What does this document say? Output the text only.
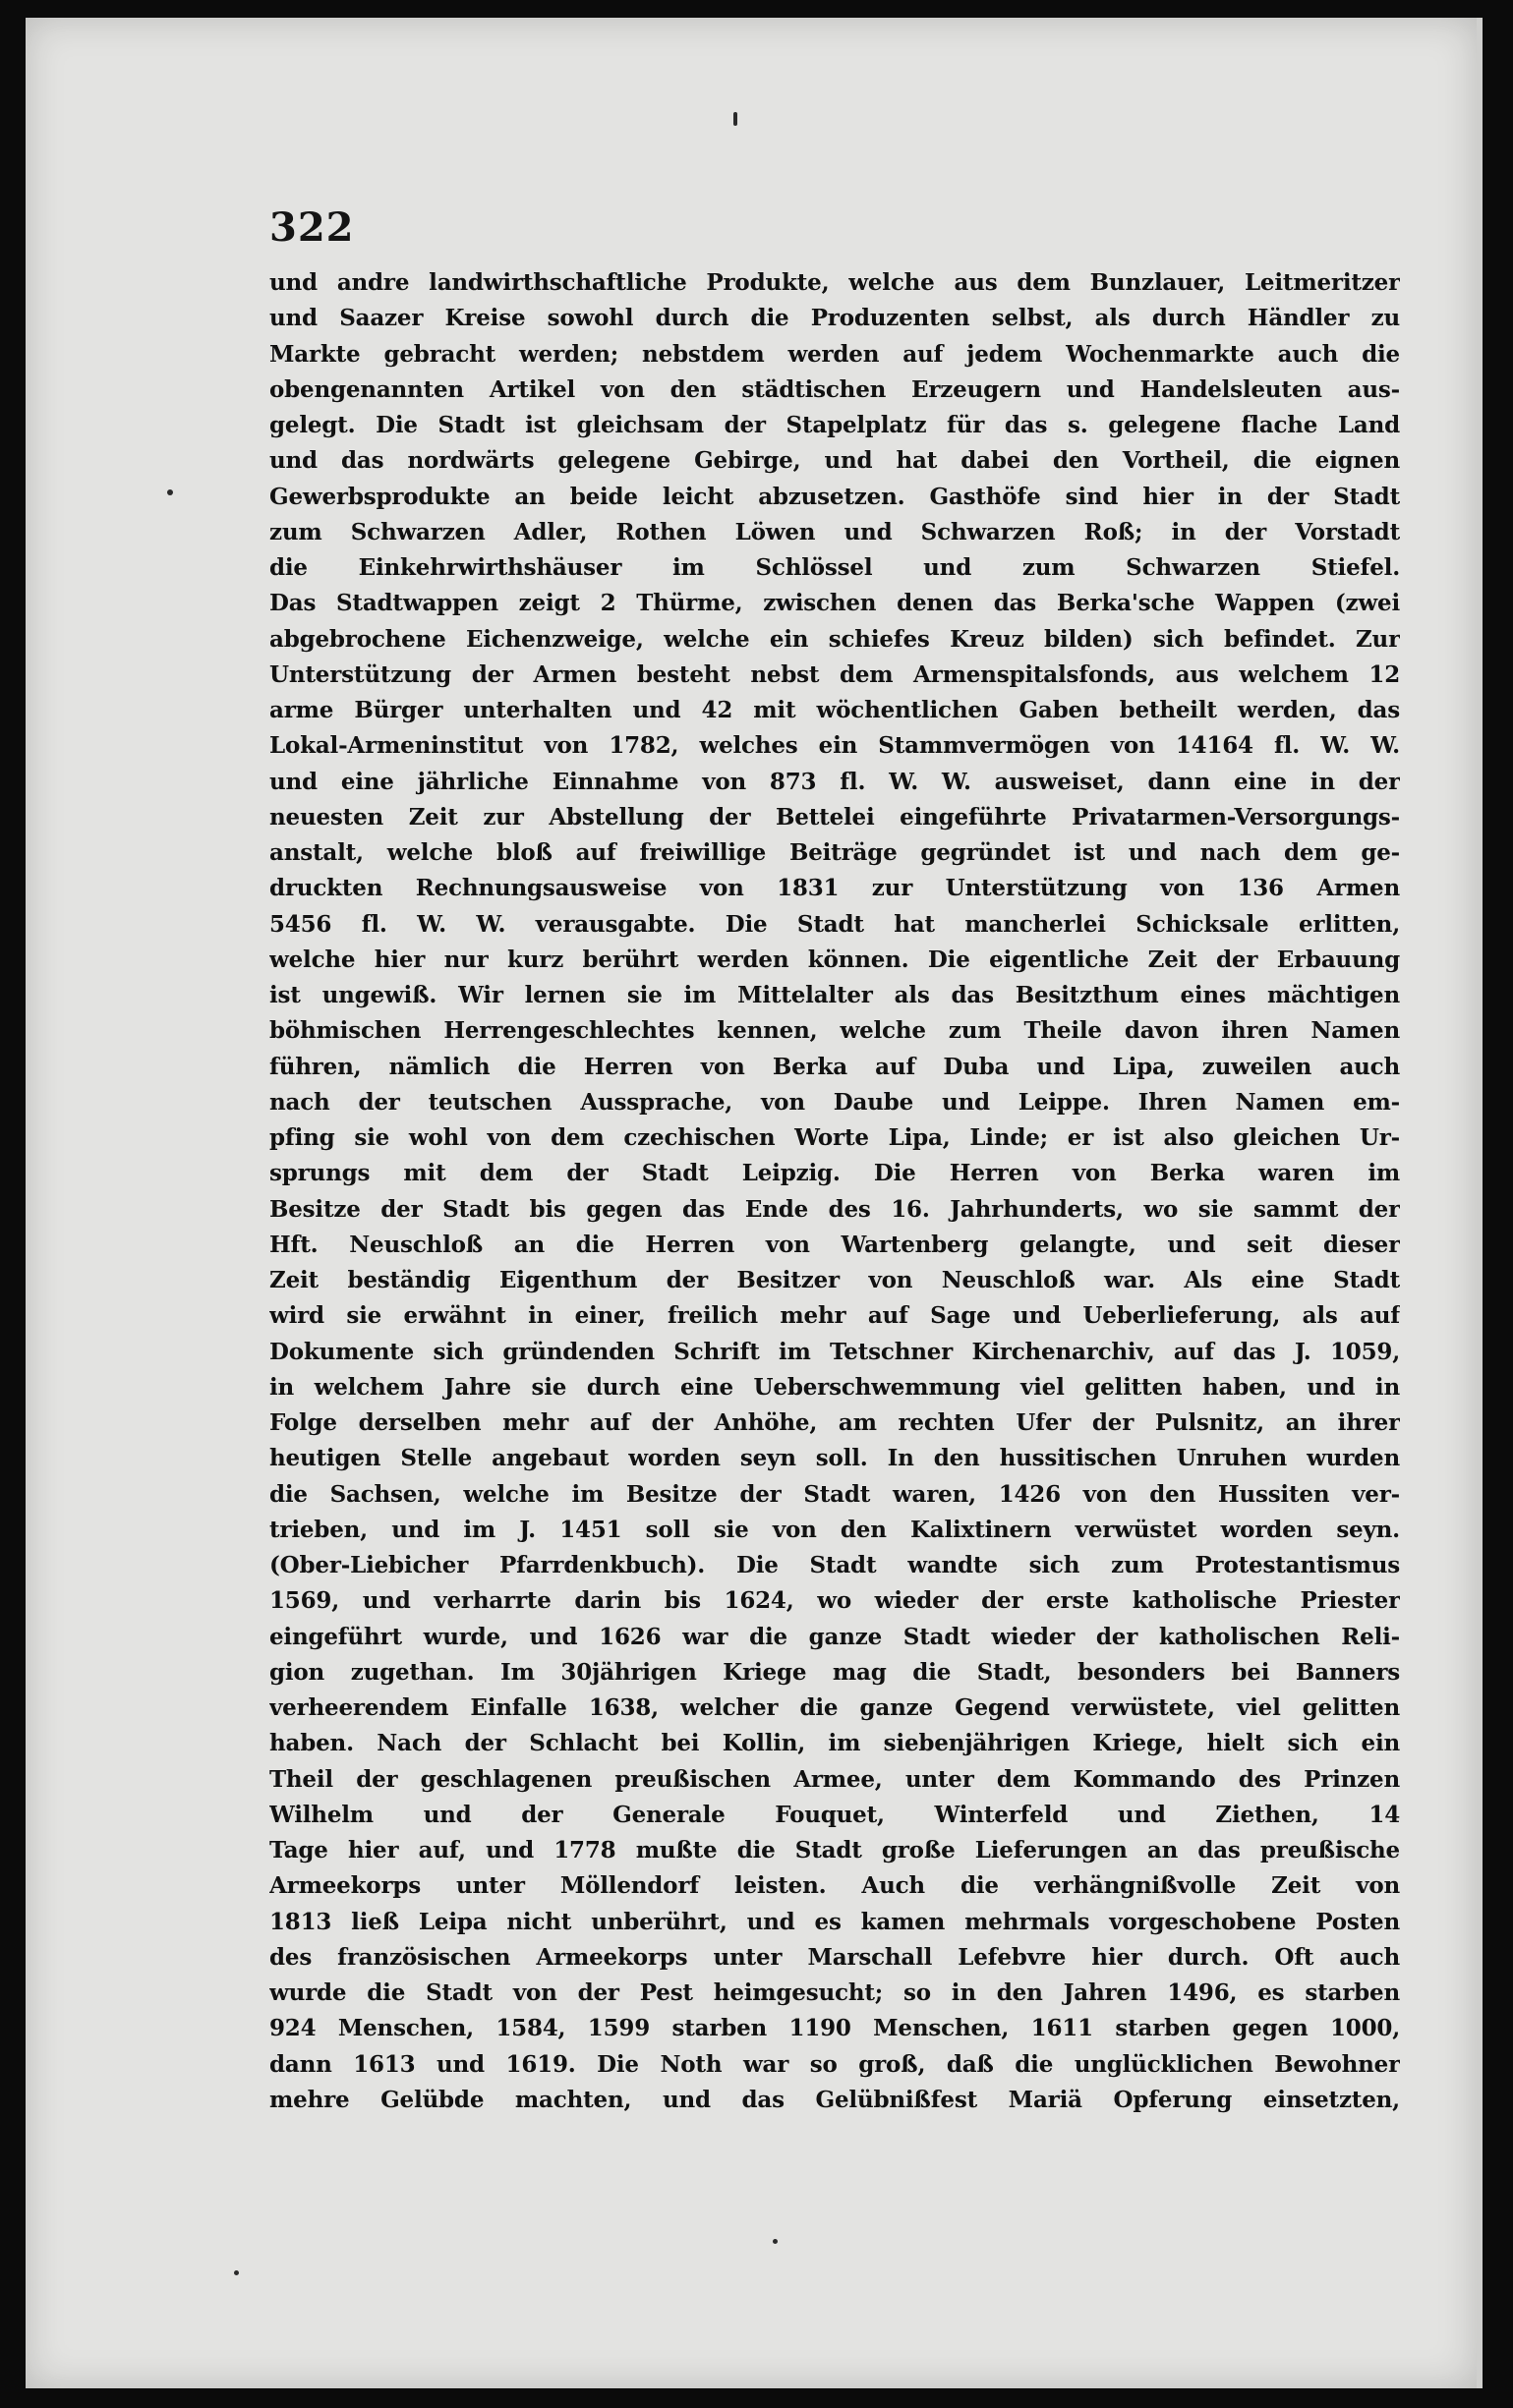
322
und andre landwirthschaftliche Produkte, welche aus dem Bunzlauer, Leitmeritzer
und Saazer Kreise sowohl durch die Produzenten selbst, als durch Händler zu
Markte gebracht werden; nebstdem werden auf jedem Wochenmarkte auch die
obengenannten Artikel von den städtischen Erzeugern und Handelsleuten aus-
gelegt. Die Stadt ist gleichsam der Stapelplatz für das s. gelegene flache Land
und das nordwärts gelegene Gebirge, und hat dabei den Vortheil, die eignen
Gewerbsprodukte an beide leicht abzusetzen. Gasthöfe sind hier in der Stadt
zum Schwarzen Adler, Rothen Löwen und Schwarzen Roß; in der Vorstadt
die Einkehrwirthshäuser im Schlössel und zum Schwarzen Stiefel.
Das Stadtwappen zeigt 2 Thürme, zwischen denen das Berka'sche Wappen (zwei
abgebrochene Eichenzweige, welche ein schiefes Kreuz bilden) sich befindet. Zur
Unterstützung der Armen besteht nebst dem Armenspitalsfonds, aus welchem 12
arme Bürger unterhalten und 42 mit wöchentlichen Gaben betheilt werden, das
Lokal-Armeninstitut von 1782, welches ein Stammvermögen von 14164 fl. W. W.
und eine jährliche Einnahme von 873 fl. W. W. ausweiset, dann eine in der
neuesten Zeit zur Abstellung der Bettelei eingeführte Privatarmen-Versorgungs-
anstalt, welche bloß auf freiwillige Beiträge gegründet ist und nach dem ge-
druckten Rechnungsausweise von 1831 zur Unterstützung von 136 Armen
5456 fl. W. W. verausgabte. Die Stadt hat mancherlei Schicksale erlitten,
welche hier nur kurz berührt werden können. Die eigentliche Zeit der Erbauung
ist ungewiß. Wir lernen sie im Mittelalter als das Besitzthum eines mächtigen
böhmischen Herrengeschlechtes kennen, welche zum Theile davon ihren Namen
führen, nämlich die Herren von Berka auf Duba und Lipa, zuweilen auch
nach der teutschen Aussprache, von Daube und Leippe. Ihren Namen em-
pfing sie wohl von dem czechischen Worte Lipa, Linde; er ist also gleichen Ur-
sprungs mit dem der Stadt Leipzig. Die Herren von Berka waren im
Besitze der Stadt bis gegen das Ende des 16. Jahrhunderts, wo sie sammt der
Hft. Neuschloß an die Herren von Wartenberg gelangte, und seit dieser
Zeit beständig Eigenthum der Besitzer von Neuschloß war. Als eine Stadt
wird sie erwähnt in einer, freilich mehr auf Sage und Ueberlieferung, als auf
Dokumente sich gründenden Schrift im Tetschner Kirchenarchiv, auf das J. 1059,
in welchem Jahre sie durch eine Ueberschwemmung viel gelitten haben, und in
Folge derselben mehr auf der Anhöhe, am rechten Ufer der Pulsnitz, an ihrer
heutigen Stelle angebaut worden seyn soll. In den hussitischen Unruhen wurden
die Sachsen, welche im Besitze der Stadt waren, 1426 von den Hussiten ver-
trieben, und im J. 1451 soll sie von den Kalixtinern verwüstet worden seyn.
(Ober-Liebicher Pfarrdenkbuch). Die Stadt wandte sich zum Protestantismus
1569, und verharrte darin bis 1624, wo wieder der erste katholische Priester
eingeführt wurde, und 1626 war die ganze Stadt wieder der katholischen Reli-
gion zugethan. Im 30jährigen Kriege mag die Stadt, besonders bei Banners
verheerendem Einfalle 1638, welcher die ganze Gegend verwüstete, viel gelitten
haben. Nach der Schlacht bei Kollin, im siebenjährigen Kriege, hielt sich ein
Theil der geschlagenen preußischen Armee, unter dem Kommando des Prinzen
Wilhelm und der Generale Fouquet, Winterfeld und Ziethen, 14
Tage hier auf, und 1778 mußte die Stadt große Lieferungen an das preußische
Armeekorps unter Möllendorf leisten. Auch die verhängnißvolle Zeit von
1813 ließ Leipa nicht unberührt, und es kamen mehrmals vorgeschobene Posten
des französischen Armeekorps unter Marschall Lefebvre hier durch. Oft auch
wurde die Stadt von der Pest heimgesucht; so in den Jahren 1496, es starben
924 Menschen, 1584, 1599 starben 1190 Menschen, 1611 starben gegen 1000,
dann 1613 und 1619. Die Noth war so groß, daß die unglücklichen Bewohner
mehre Gelübde machten, und das Gelübnißfest Mariä Opferung einsetzten,
